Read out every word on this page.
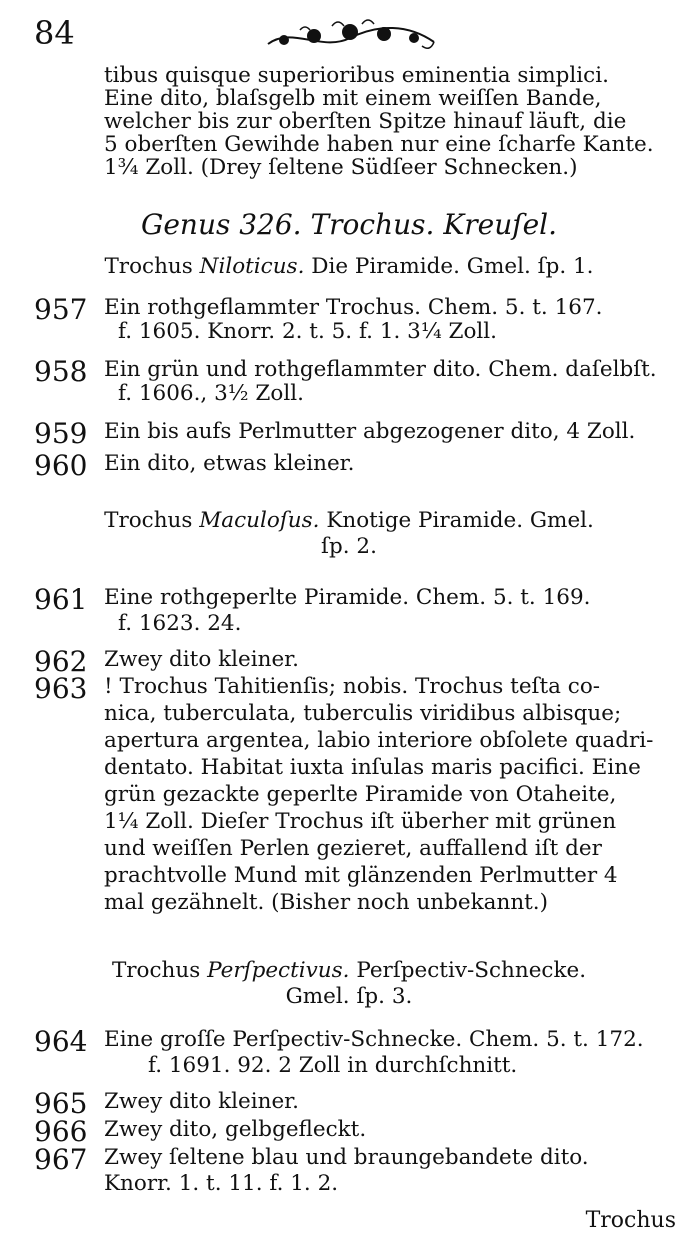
84
tibus quisque superioribus eminentia simplici.
Eine dito, blaſsgelb mit einem weiſſen Bande,
welcher bis zur oberſten Spitze hinauf läuft, die
5 oberſten Gewihde haben nur eine ſcharfe Kante.
1¾ Zoll. (Drey ſeltene Südſeer Schnecken.)
Genus 326. Trochus. Kreuſel.
Trochus Niloticus. Die Piramide. Gmel. ſp. 1.
957 Ein rothgeflammter Trochus. Chem. 5. t. 167.
f. 1605. Knorr. 2. t. 5. f. 1. 3¼ Zoll.
958 Ein grün und rothgeflammter dito. Chem. daſelbſt.
f. 1606., 3½ Zoll.
959 Ein bis aufs Perlmutter abgezogener dito, 4 Zoll.
960 Ein dito, etwas kleiner.
Trochus Maculoſus. Knotige Piramide. Gmel.
ſp. 2.
961 Eine rothgeperlte Piramide. Chem. 5. t. 169.
f. 1623. 24.
962 Zwey dito kleiner.
963 ! Trochus Tahitienſis; nobis. Trochus teſta co-
nica, tuberculata, tuberculis viridibus albisque;
apertura argentea, labio interiore obſolete quadri-
dentato. Habitat iuxta inſulas maris pacifici. Eine
grün gezackte geperlte Piramide von Otaheite,
1¼ Zoll. Dieſer Trochus iſt überher mit grünen
und weiſſen Perlen gezieret, auffallend iſt der
prachtvolle Mund mit glänzenden Perlmutter 4
mal gezähnelt. (Bisher noch unbekannt.)
Trochus Perſpectivus. Perſpectiv-Schnecke.
Gmel. ſp. 3.
964 Eine groſſe Perſpectiv-Schnecke. Chem. 5. t. 172.
f. 1691. 92. 2 Zoll in durchſchnitt.
965 Zwey dito kleiner.
966 Zwey dito, gelbgefleckt.
967 Zwey ſeltene blau und braungebandete dito.
Knorr. 1. t. 11. f. 1. 2.
Trochus
